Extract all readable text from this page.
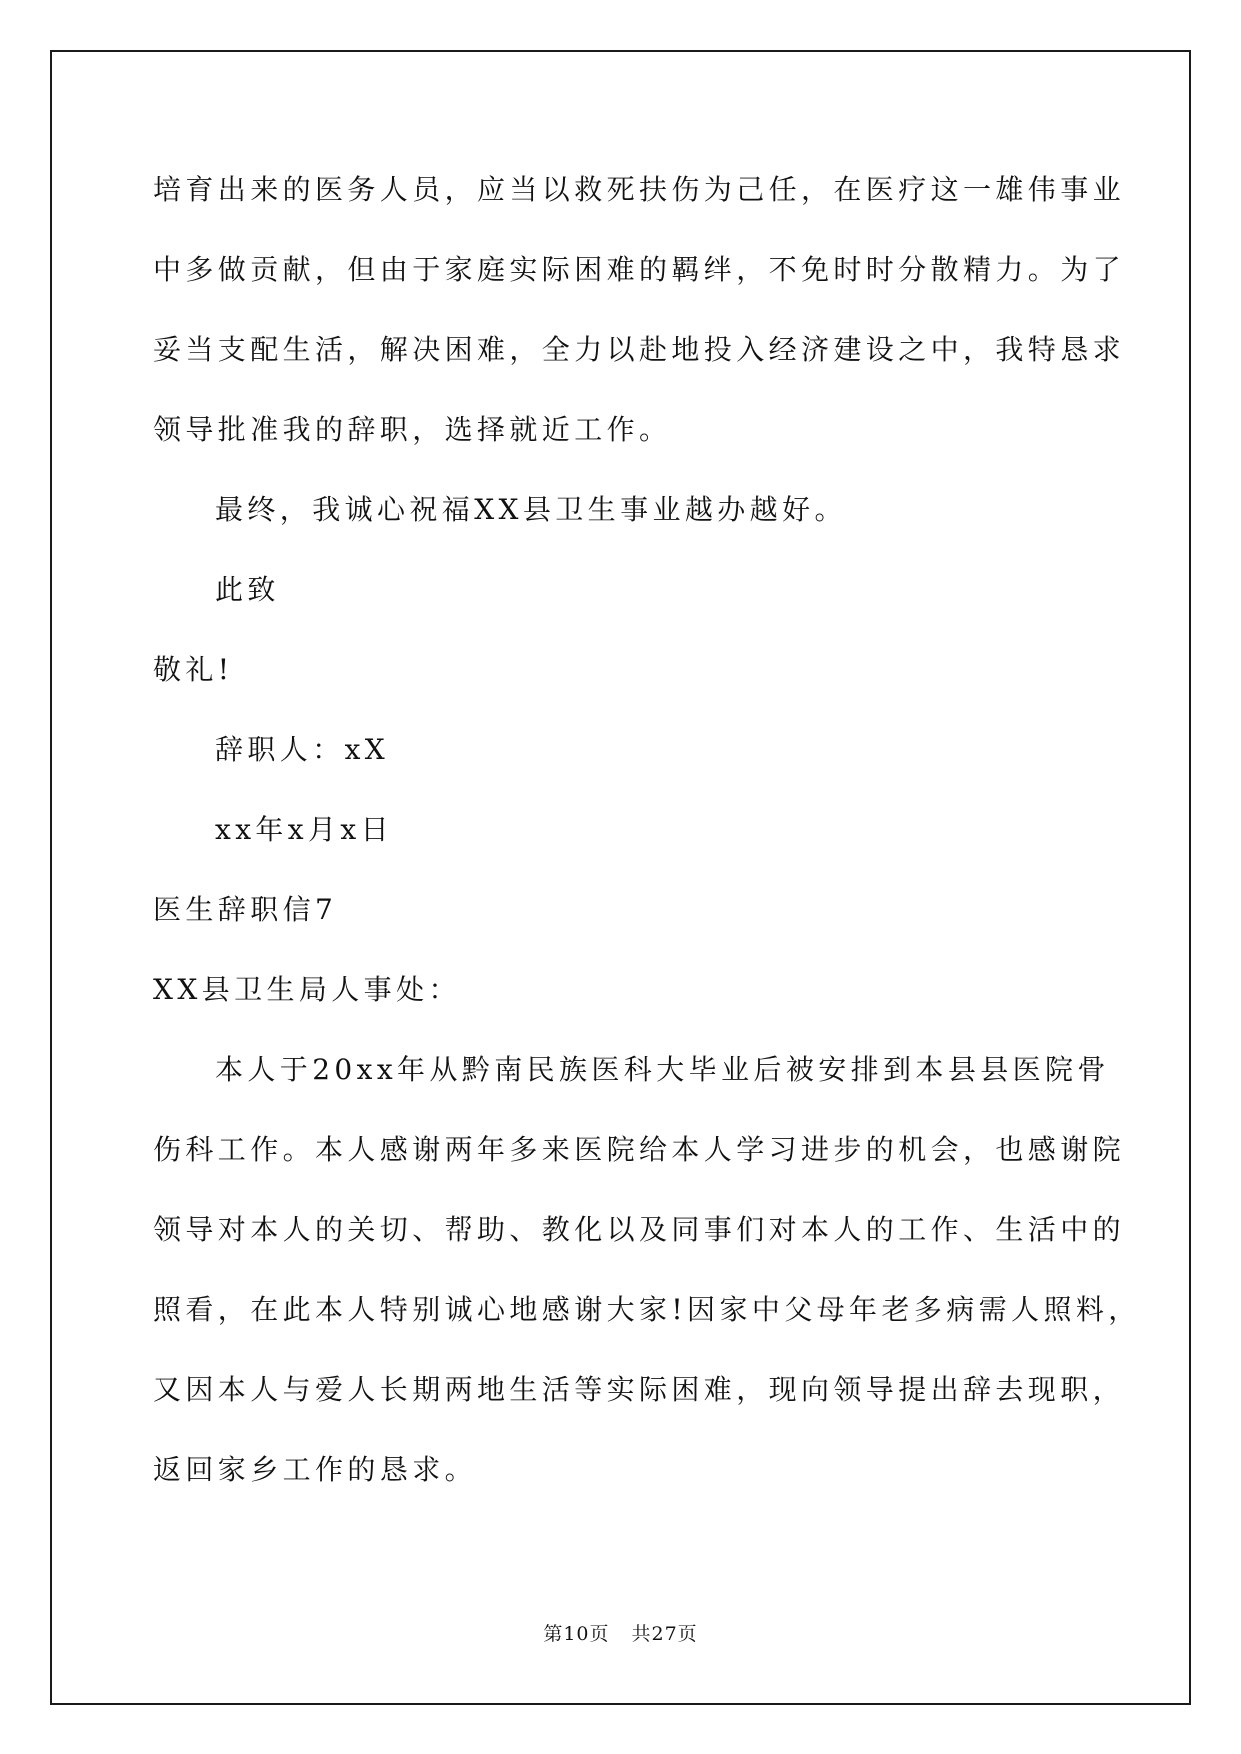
培育出来的医务人员，应当以救死扶伤为己任，在医疗这一雄伟事业
中多做贡献，但由于家庭实际困难的羁绊，不免时时分散精力。为了
妥当支配生活，解决困难，全力以赴地投入经济建设之中，我特恳求
领导批准我的辞职，选择就近工作。
最终，我诚心祝福XX县卫生事业越办越好。
此致
敬礼!
辞职人：xX
xx年x月x日
医生辞职信7
XX县卫生局人事处：
本人于20xx年从黔南民族医科大毕业后被安排到本县县医院骨
伤科工作。本人感谢两年多来医院给本人学习进步的机会，也感谢院
领导对本人的关切、帮助、教化以及同事们对本人的工作、生活中的
照看，在此本人特别诚心地感谢大家!因家中父母年老多病需人照料，
又因本人与爱人长期两地生活等实际困难，现向领导提出辞去现职，
返回家乡工作的恳求。
第10页 共27页
